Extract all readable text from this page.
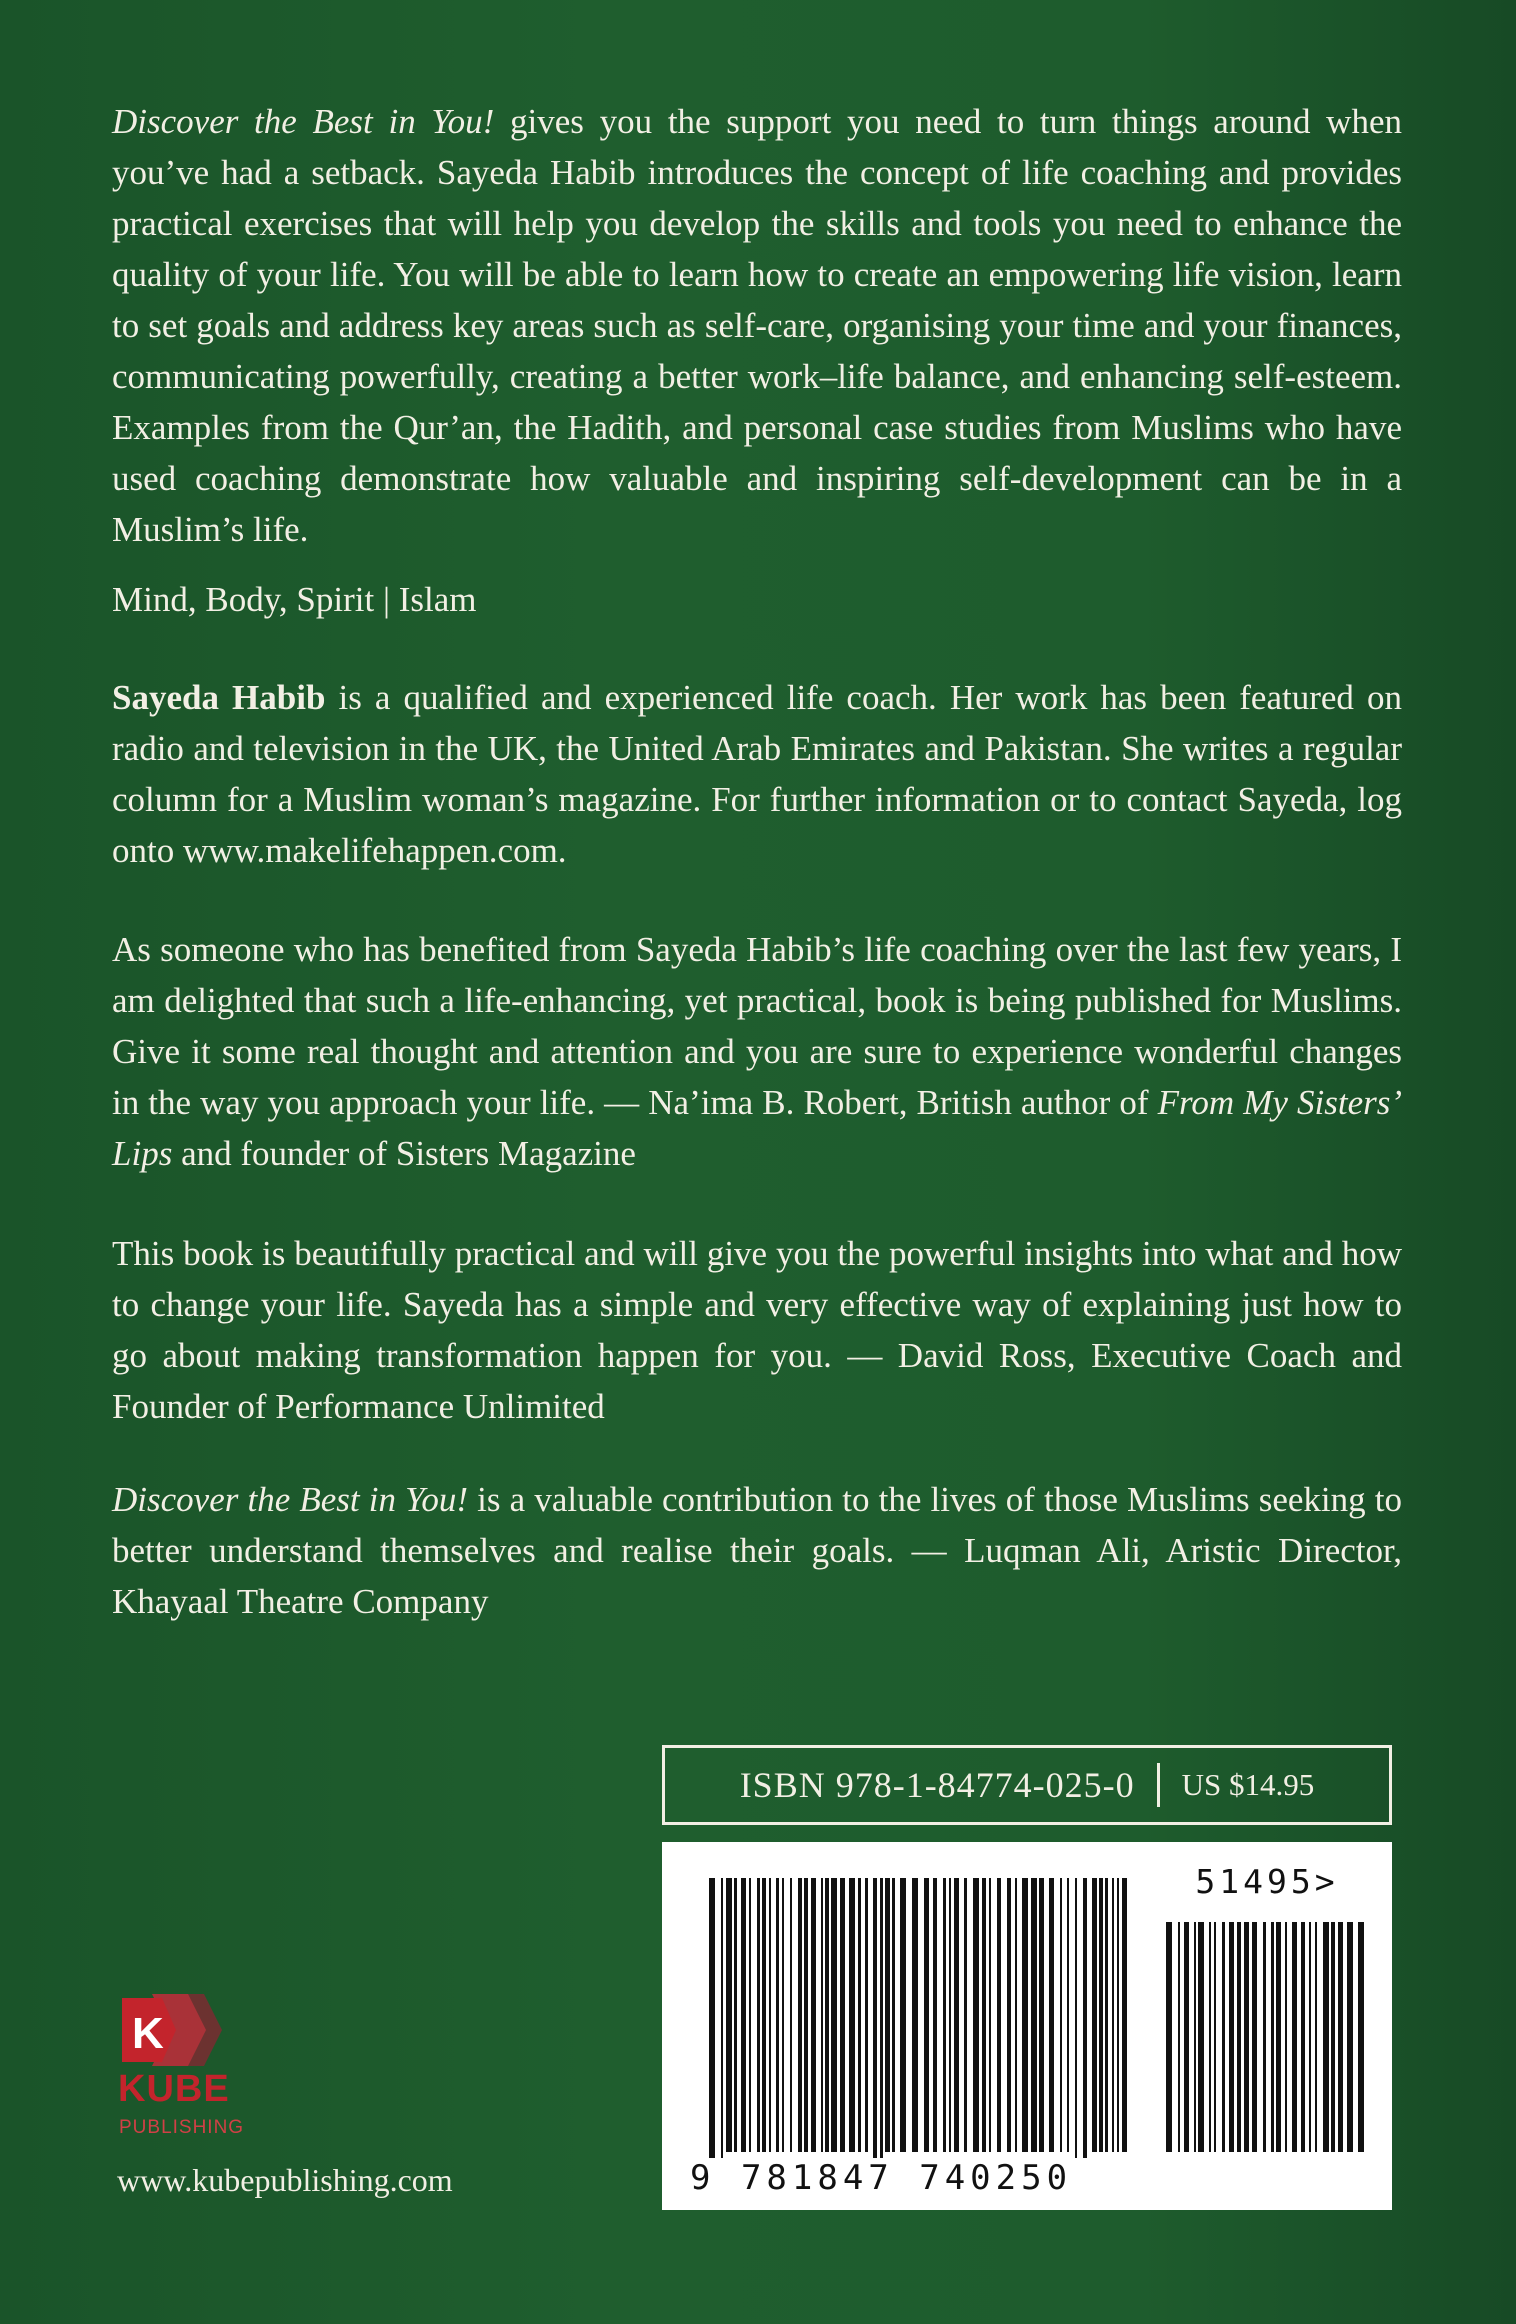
Discover the Best in You! gives you the support you need to turn things around when you’ve had a setback. Sayeda Habib introduces the concept of life coaching and provides practical exercises that will help you develop the skills and tools you need to enhance the quality of your life. You will be able to learn how to create an empowering life vision, learn to set goals and address key areas such as self-care, organising your time and your finances, communicating powerfully, creating a better work–life balance, and enhancing self-esteem. Examples from the Qur’an, the Hadith, and personal case studies from Muslims who have used coaching demonstrate how valuable and inspiring self-development can be in a Muslim’s life.

Mind, Body, Spirit | Islam

Sayeda Habib is a qualified and experienced life coach. Her work has been featured on radio and television in the UK, the United Arab Emirates and Pakistan. She writes a regular column for a Muslim woman’s magazine. For further information or to contact Sayeda, log onto www.makelifehappen.com.

As someone who has benefited from Sayeda Habib’s life coaching over the last few years, I am delighted that such a life-enhancing, yet practical, book is being published for Muslims. Give it some real thought and attention and you are sure to experience wonderful changes in the way you approach your life. — Na’ima B. Robert, British author of From My Sisters’ Lips and founder of Sisters Magazine

This book is beautifully practical and will give you the powerful insights into what and how to change your life. Sayeda has a simple and very effective way of explaining just how to go about making transformation happen for you. — David Ross, Executive Coach and Founder of Performance Unlimited

Discover the Best in You! is a valuable contribution to the lives of those Muslims seeking to better understand themselves and realise their goals. — Luqman Ali, Aristic Director, Khayaal Theatre Company

ISBN 978-1-84774-025-0 US $14.95
51495>
9 781847 740250
K
KUBE
PUBLISHING
www.kubepublishing.com
